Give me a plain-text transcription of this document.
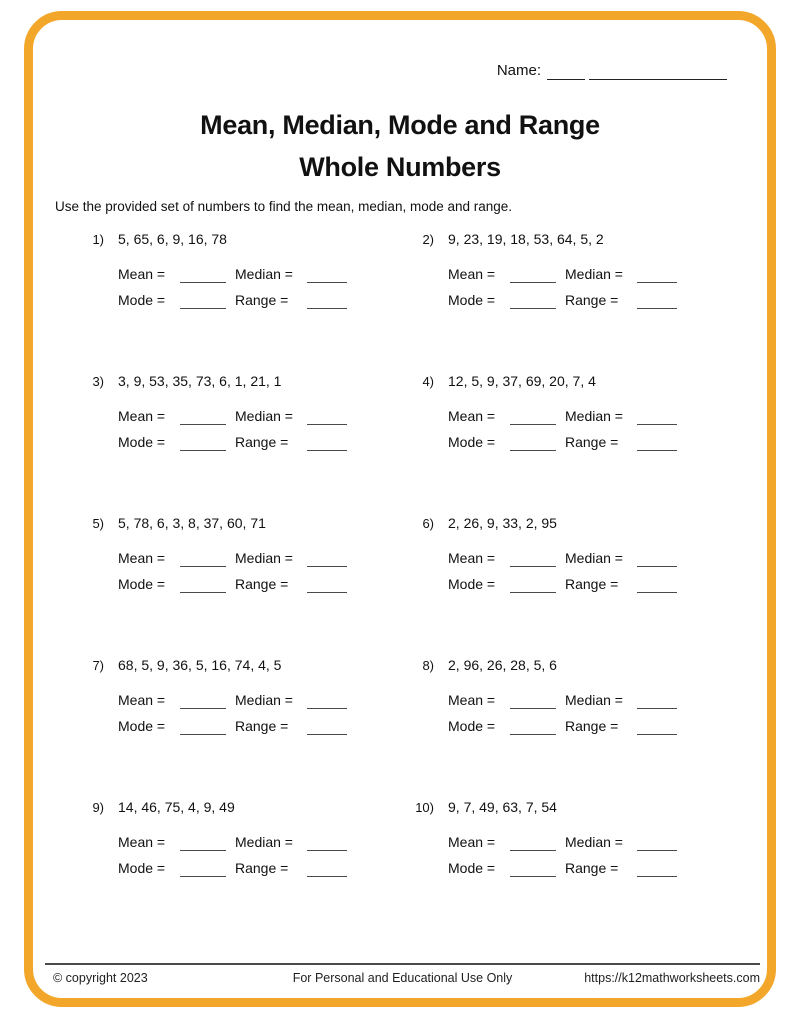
Name:
Mean, Median, Mode and Range
Whole Numbers
Use the provided set of numbers to find the mean, median, mode and range.
1) 5, 65, 6, 9, 16, 78
Mean =	Median =
Mode =	Range =
2) 9, 23, 19, 18, 53, 64, 5, 2
Mean =	Median =
Mode =	Range =
3) 3, 9, 53, 35, 73, 6, 1, 21, 1
Mean =	Median =
Mode =	Range =
4) 12, 5, 9, 37, 69, 20, 7, 4
Mean =	Median =
Mode =	Range =
5) 5, 78, 6, 3, 8, 37, 60, 71
Mean =	Median =
Mode =	Range =
6) 2, 26, 9, 33, 2, 95
Mean =	Median =
Mode =	Range =
7) 68, 5, 9, 36, 5, 16, 74, 4, 5
Mean =	Median =
Mode =	Range =
8) 2, 96, 26, 28, 5, 6
Mean =	Median =
Mode =	Range =
9) 14, 46, 75, 4, 9, 49
Mean =	Median =
Mode =	Range =
10) 9, 7, 49, 63, 7, 54
Mean =	Median =
Mode =	Range =
© copyright 2023	For Personal and Educational Use Only	https://k12mathworksheets.com
